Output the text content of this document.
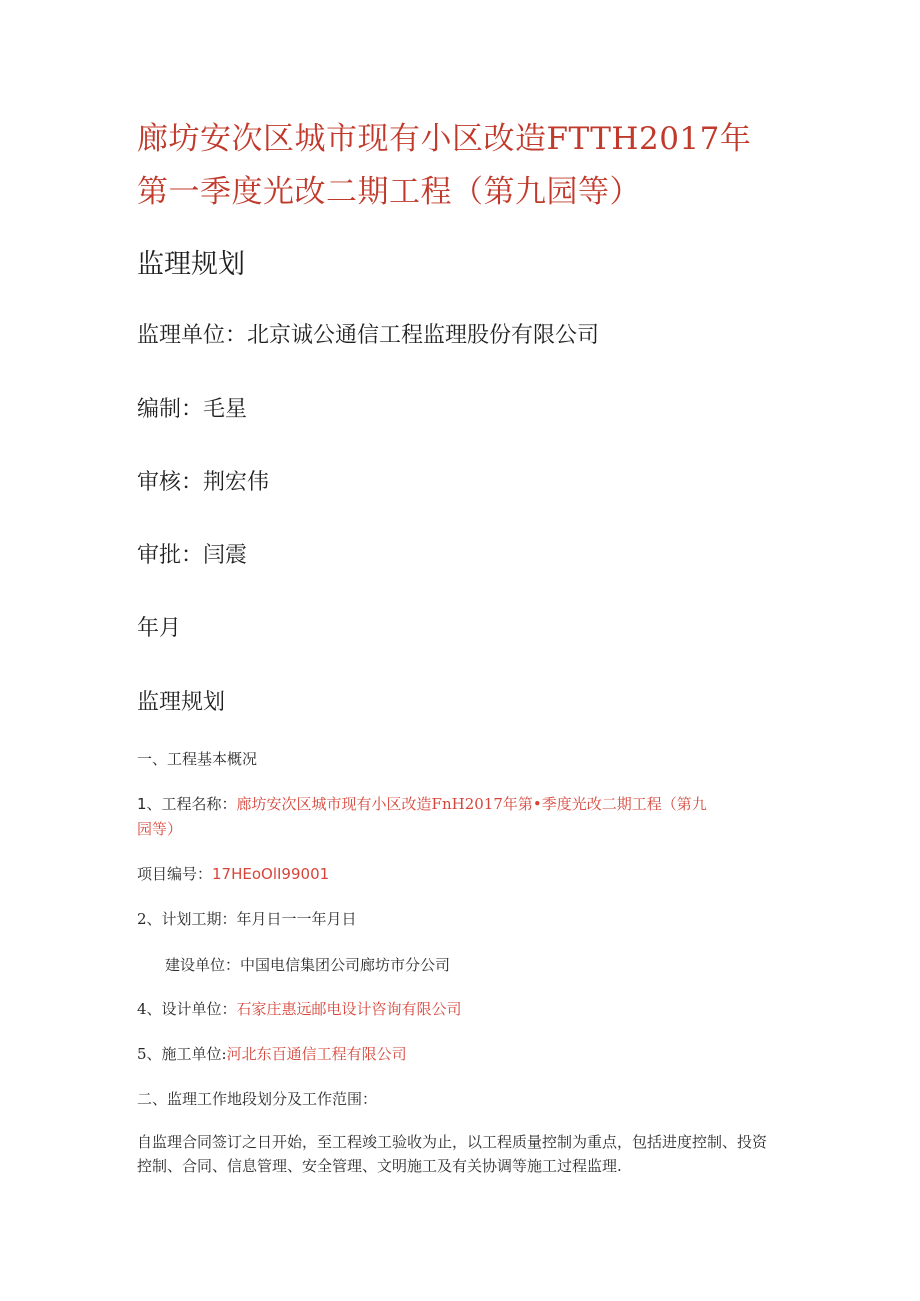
廊坊安次区城市现有小区改造FTTH2017年
第一季度光改二期工程（第九园等）
监理规划
监理单位：北京诚公通信工程监理股份有限公司
编制：毛星
审核：荆宏伟
审批：闫震
年月
监理规划
一、工程基本概况
1、工程名称：廊坊安次区城市现有小区改造FnH2017年第•季度光改二期工程（第九
园等）
项目编号：17HEoOlI99001
2、计划工期：年月日一一年月日
建设单位：中国电信集团公司廊坊市分公司
4、设计单位：石家庄惠远邮电设计咨询有限公司
5、施工单位:河北东百通信工程有限公司
二、监理工作地段划分及工作范围：
自监理合同签订之日开始，至工程竣工验收为止，以工程质量控制为重点，包括进度控制、投资控制、合同、信息管理、安全管理、文明施工及有关协调等施工过程监理.
